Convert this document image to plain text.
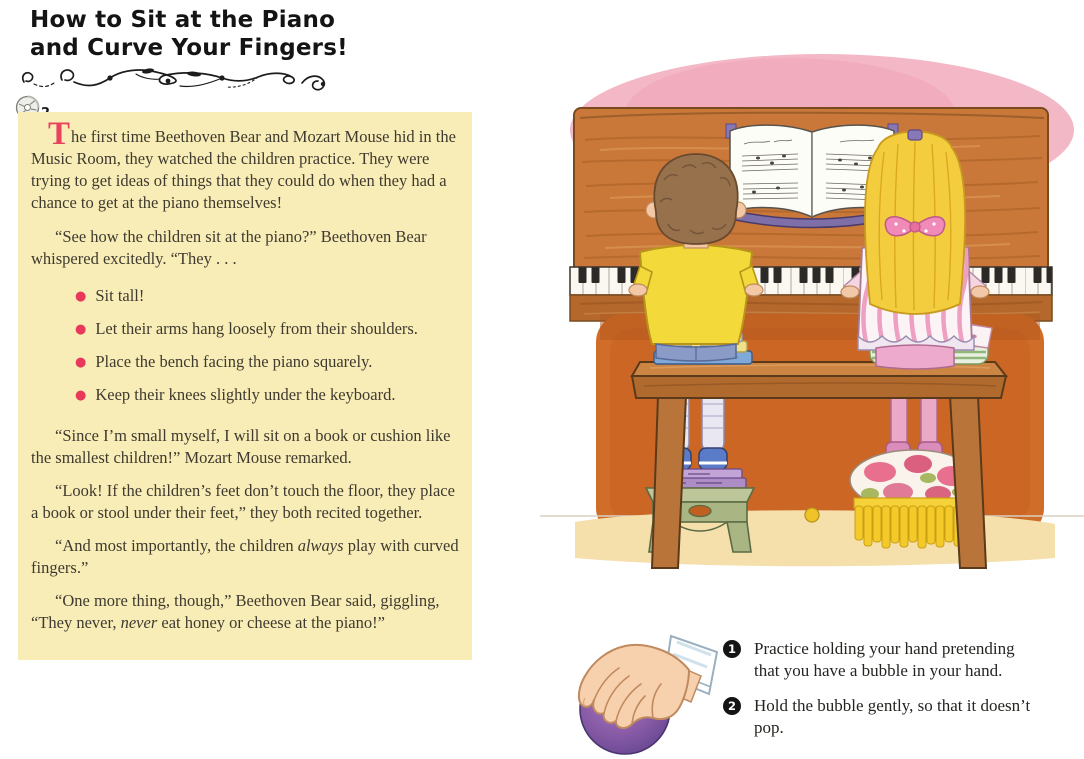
How to Sit at the Piano
and Curve Your Fingers!

The first time Beethoven Bear and Mozart Mouse hid in the Music Room, they watched the children practice. They were trying to get ideas of things that they could do when they had a chance to get at the piano themselves!

“See how the children sit at the piano?” Beethoven Bear whispered excitedly. “They . . .

● Sit tall!
● Let their arms hang loosely from their shoulders.
● Place the bench facing the piano squarely.
● Keep their knees slightly under the keyboard.

“Since I’m small myself, I will sit on a book or cushion like the smallest children!” Mozart Mouse remarked.

“Look! If the children’s feet don’t touch the floor, they place a book or stool under their feet,” they both recited together.

“And most importantly, the children always play with curved fingers.”

“One more thing, though,” Beethoven Bear said, giggling, “They never, never eat honey or cheese at the piano!”

1 Practice holding your hand pretending that you have a bubble in your hand.
2 Hold the bubble gently, so that it doesn’t pop.
